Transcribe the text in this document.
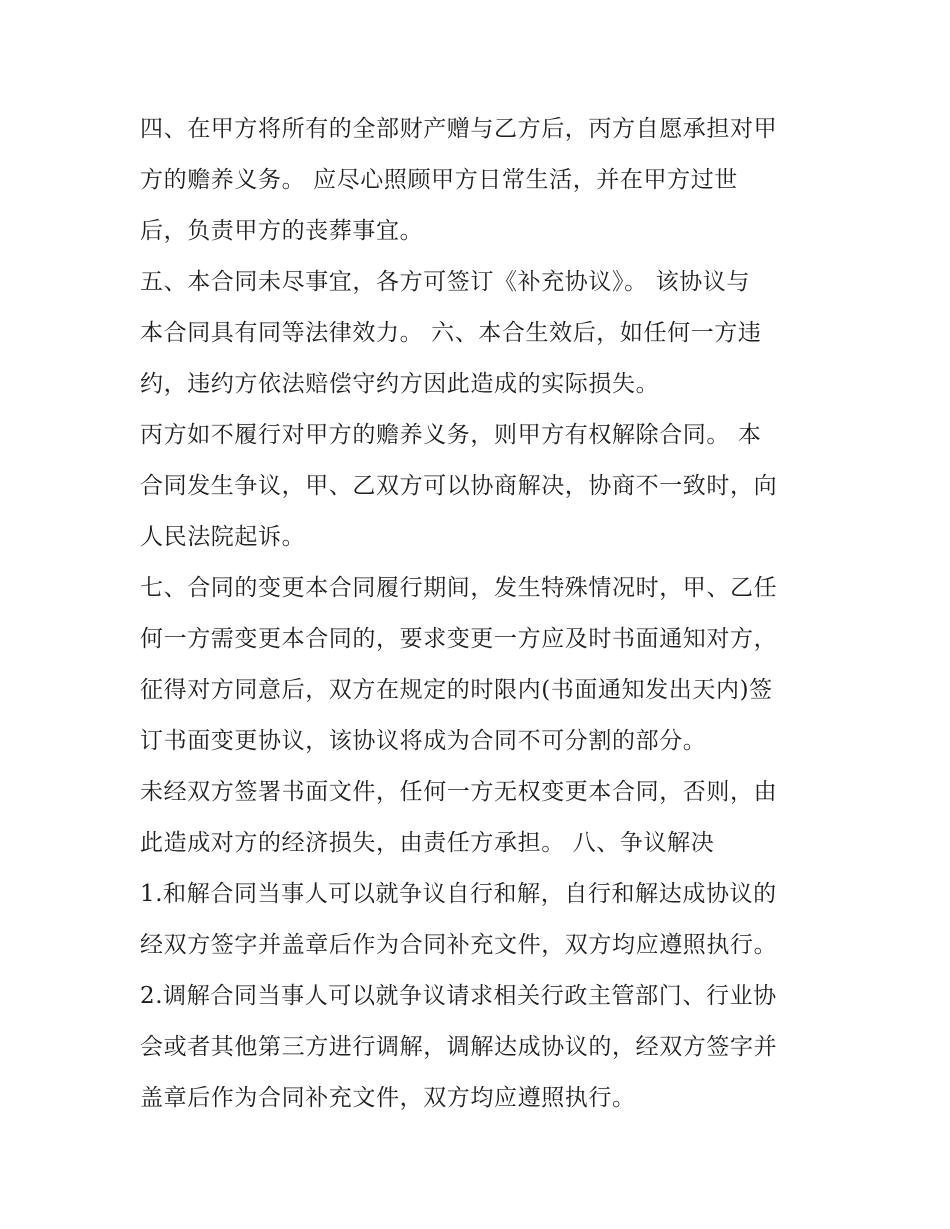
四、在甲方将所有的全部财产赠与乙方后，丙方自愿承担对甲
方的赡养义务。 应尽心照顾甲方日常生活，并在甲方过世
后，负责甲方的丧葬事宜。
五、本合同未尽事宜，各方可签订《补充协议》。 该协议与
本合同具有同等法律效力。 六、本合生效后，如任何一方违
约，违约方依法赔偿守约方因此造成的实际损失。
丙方如不履行对甲方的赡养义务，则甲方有权解除合同。 本
合同发生争议，甲、乙双方可以协商解决，协商不一致时，向
人民法院起诉。
七、合同的变更本合同履行期间，发生特殊情况时，甲、乙任
何一方需变更本合同的，要求变更一方应及时书面通知对方，
征得对方同意后，双方在规定的时限内(书面通知发出天内)签
订书面变更协议，该协议将成为合同不可分割的部分。
未经双方签署书面文件，任何一方无权变更本合同，否则，由
此造成对方的经济损失，由责任方承担。 八、争议解决
1.和解合同当事人可以就争议自行和解，自行和解达成协议的
经双方签字并盖章后作为合同补充文件，双方均应遵照执行。
2.调解合同当事人可以就争议请求相关行政主管部门、行业协
会或者其他第三方进行调解，调解达成协议的，经双方签字并
盖章后作为合同补充文件，双方均应遵照执行。
